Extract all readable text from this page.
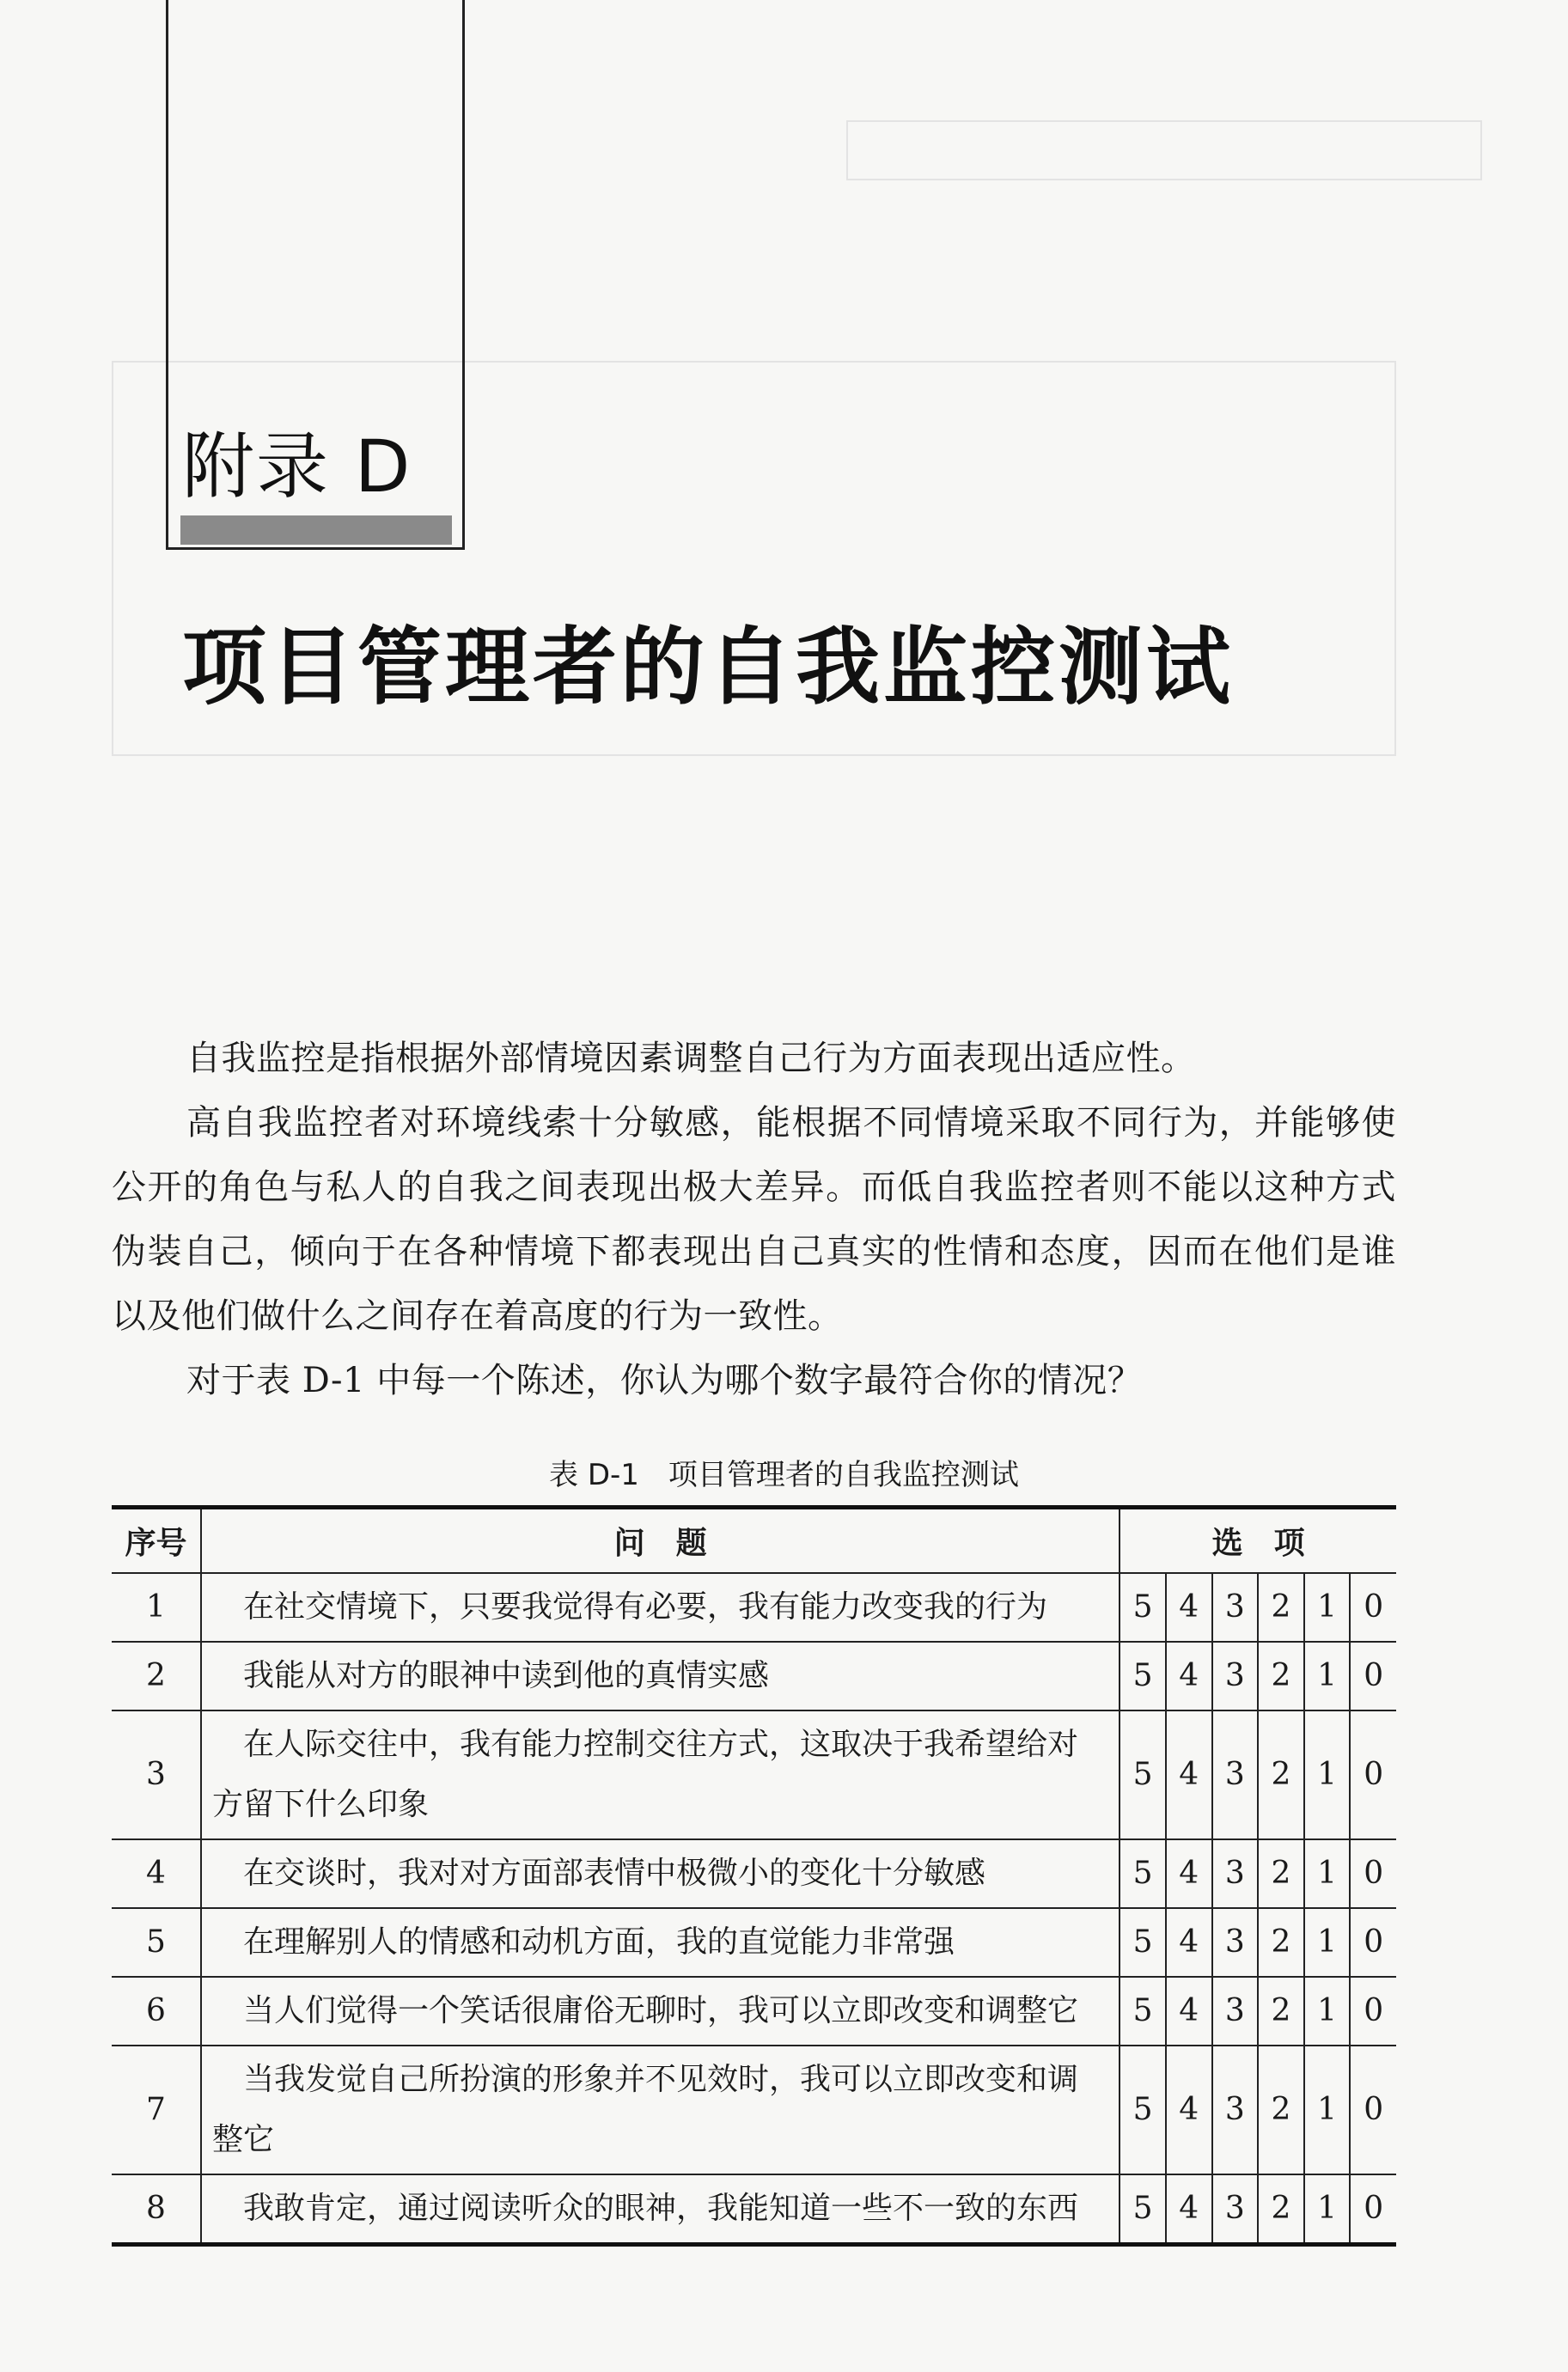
附录 D
项目管理者的自我监控测试

自我监控是指根据外部情境因素调整自己行为方面表现出适应性。

高自我监控者对环境线索十分敏感，能根据不同情境采取不同行为，并能够使公开的角色与私人的自我之间表现出极大差异。而低自我监控者则不能以这种方式伪装自己，倾向于在各种情境下都表现出自己真实的性情和态度，因而在他们是谁以及他们做什么之间存在着高度的行为一致性。

对于表 D-1 中每一个陈述，你认为哪个数字最符合你的情况？

表 D-1　项目管理者的自我监控测试
序号	问　题	选　项					
1	在社交情境下，只要我觉得有必要，我有能力改变我的行为	5	4	3	2	1	0
2	我能从对方的眼神中读到他的真情实感	5	4	3	2	1	0
3	在人际交往中，我有能力控制交往方式，这取决于我希望给对方留下什么印象	5	4	3	2	1	0
4	在交谈时，我对对方面部表情中极微小的变化十分敏感	5	4	3	2	1	0
5	在理解别人的情感和动机方面，我的直觉能力非常强	5	4	3	2	1	0
6	当人们觉得一个笑话很庸俗无聊时，我可以立即改变和调整它	5	4	3	2	1	0
7	当我发觉自己所扮演的形象并不见效时，我可以立即改变和调整它	5	4	3	2	1	0
8	我敢肯定，通过阅读听众的眼神，我能知道一些不一致的东西	5	4	3	2	1	0
